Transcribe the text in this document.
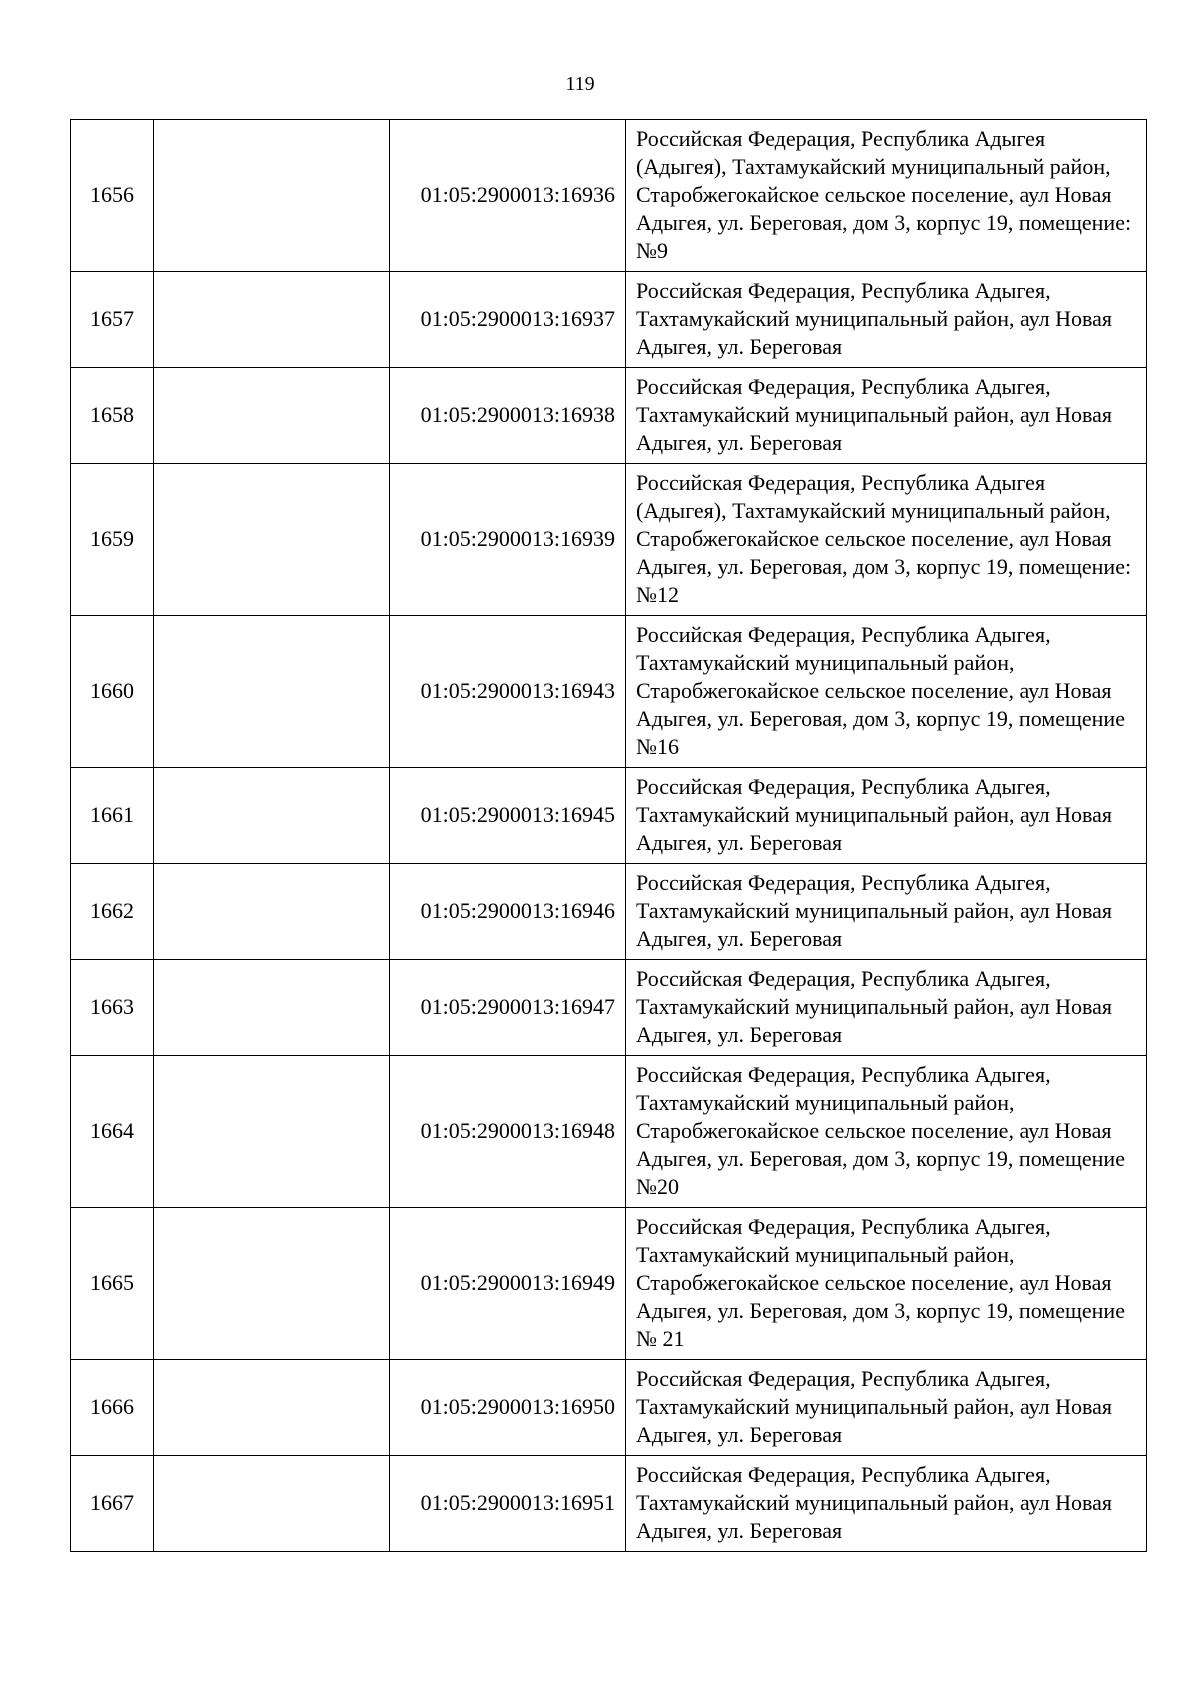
119
1656		01:05:2900013:16936	Российская Федерация, Республика Адыгея (Адыгея), Тахтамукайский муниципальный район, Старобжегокайское сельское поселение, аул Новая Адыгея, ул. Береговая, дом 3, корпус 19, помещение: №9
1657		01:05:2900013:16937	Российская Федерация, Республика Адыгея, Тахтамукайский муниципальный район, аул Новая Адыгея, ул. Береговая
1658		01:05:2900013:16938	Российская Федерация, Республика Адыгея, Тахтамукайский муниципальный район, аул Новая Адыгея, ул. Береговая
1659		01:05:2900013:16939	Российская Федерация, Республика Адыгея (Адыгея), Тахтамукайский муниципальный район, Старобжегокайское сельское поселение, аул Новая Адыгея, ул. Береговая, дом 3, корпус 19, помещение: №12
1660		01:05:2900013:16943	Российская Федерация, Республика Адыгея, Тахтамукайский муниципальный район, Старобжегокайское сельское поселение, аул Новая Адыгея, ул. Береговая, дом 3, корпус 19, помещение №16
1661		01:05:2900013:16945	Российская Федерация, Республика Адыгея, Тахтамукайский муниципальный район, аул Новая Адыгея, ул. Береговая
1662		01:05:2900013:16946	Российская Федерация, Республика Адыгея, Тахтамукайский муниципальный район, аул Новая Адыгея, ул. Береговая
1663		01:05:2900013:16947	Российская Федерация, Республика Адыгея, Тахтамукайский муниципальный район, аул Новая Адыгея, ул. Береговая
1664		01:05:2900013:16948	Российская Федерация, Республика Адыгея, Тахтамукайский муниципальный район, Старобжегокайское сельское поселение, аул Новая Адыгея, ул. Береговая, дом 3, корпус 19, помещение №20
1665		01:05:2900013:16949	Российская Федерация, Республика Адыгея, Тахтамукайский муниципальный район, Старобжегокайское сельское поселение, аул Новая Адыгея, ул. Береговая, дом 3, корпус 19, помещение № 21
1666		01:05:2900013:16950	Российская Федерация, Республика Адыгея, Тахтамукайский муниципальный район, аул Новая Адыгея, ул. Береговая
1667		01:05:2900013:16951	Российская Федерация, Республика Адыгея, Тахтамукайский муниципальный район, аул Новая Адыгея, ул. Береговая
